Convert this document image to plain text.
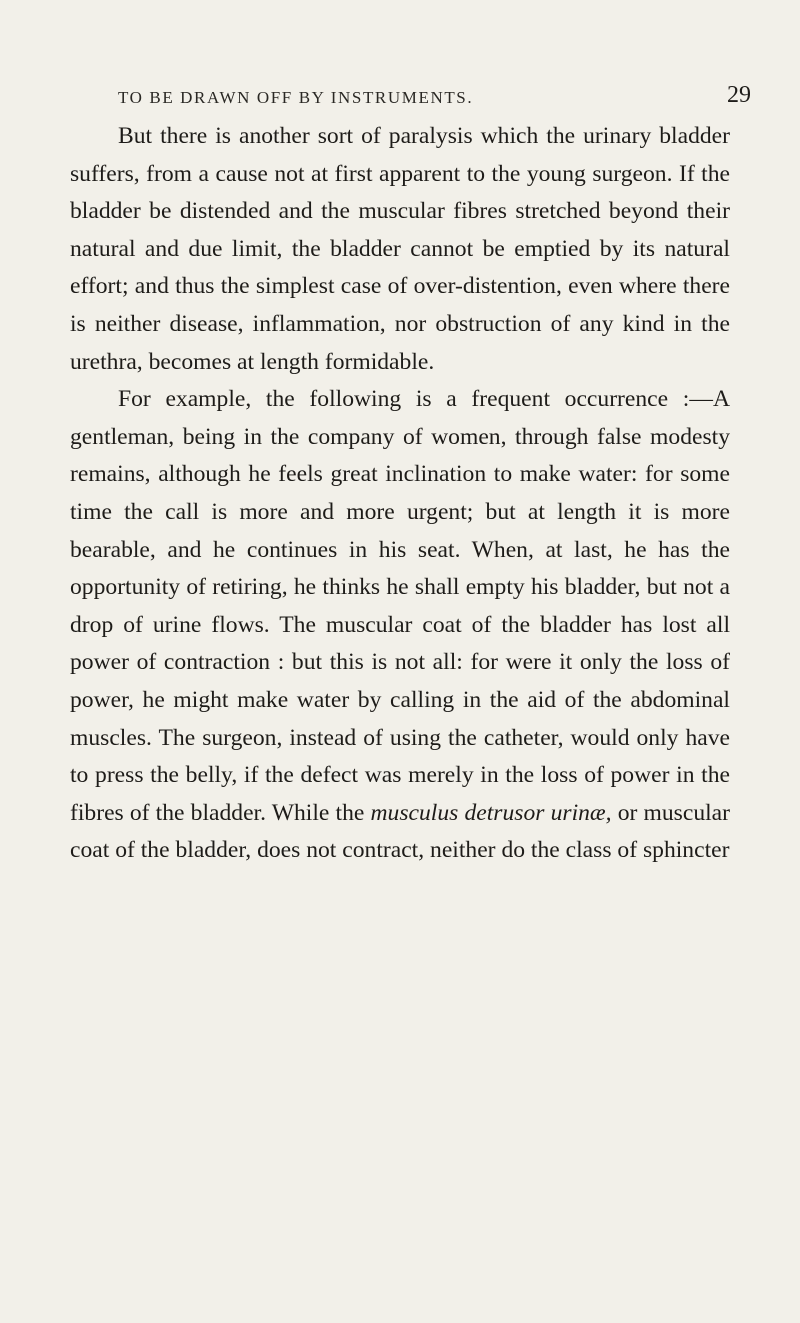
TO BE DRAWN OFF BY INSTRUMENTS.	29

But there is another sort of paralysis which the urinary bladder suffers, from a cause not at first apparent to the young surgeon. If the bladder be distended and the muscular fibres stretched beyond their natural and due limit, the bladder cannot be emptied by its natural effort; and thus the simplest case of over-distention, even where there is neither disease, inflammation, nor obstruction of any kind in the urethra, becomes at length formidable.

For example, the following is a frequent occurrence :—A gentleman, being in the company of women, through false modesty remains, although he feels great inclination to make water: for some time the call is more and more urgent; but at length it is more bearable, and he continues in his seat. When, at last, he has the opportunity of retiring, he thinks he shall empty his bladder, but not a drop of urine flows. The muscular coat of the bladder has lost all power of contraction : but this is not all: for were it only the loss of power, he might make water by calling in the aid of the abdominal muscles. The surgeon, instead of using the catheter, would only have to press the belly, if the defect was merely in the loss of power in the fibres of the bladder. While the musculus detrusor urinæ, or muscular coat of the bladder, does not contract, neither do the class of sphincter
